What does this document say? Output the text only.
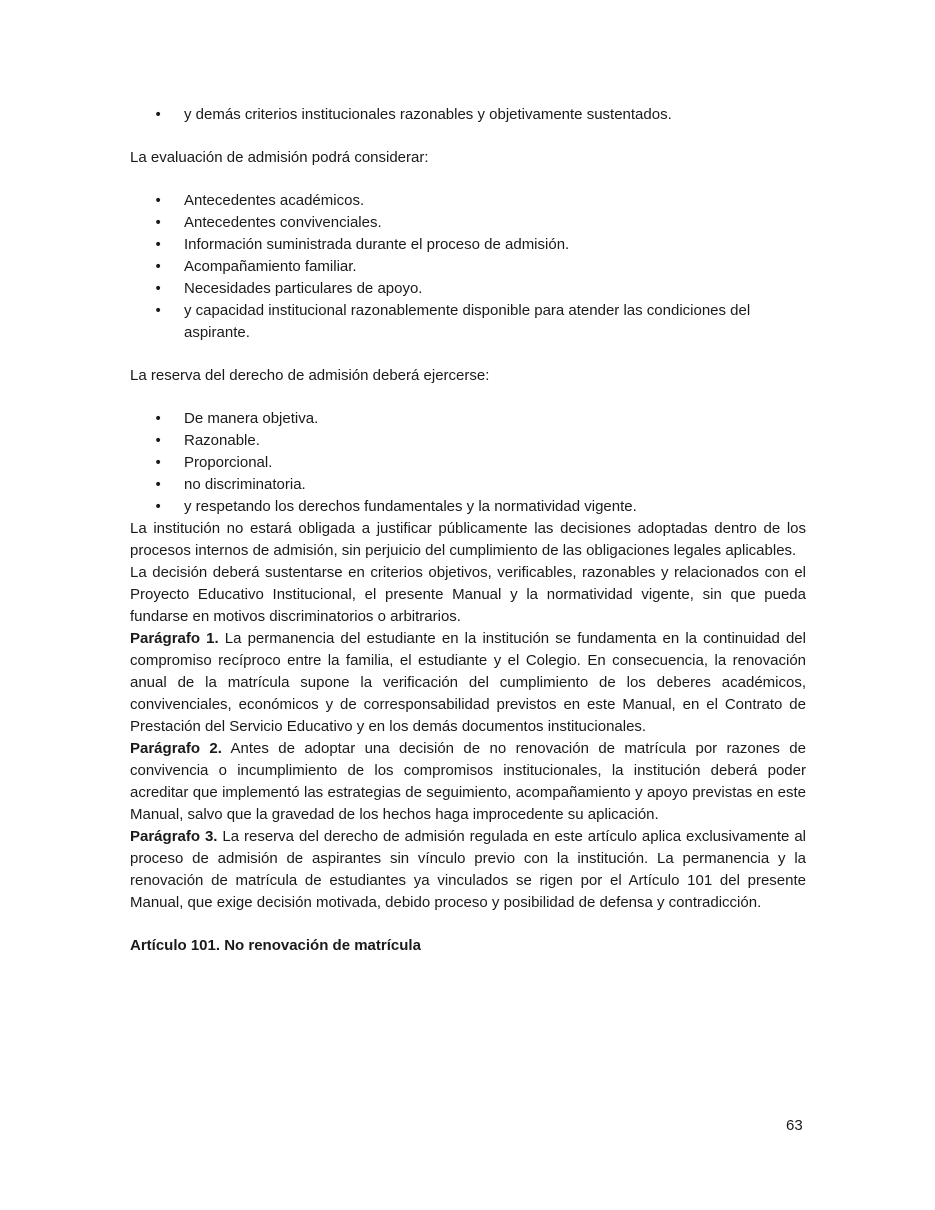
• y demás criterios institucionales razonables y objetivamente sustentados.

La evaluación de admisión podrá considerar:

• Antecedentes académicos.
• Antecedentes convivenciales.
• Información suministrada durante el proceso de admisión.
• Acompañamiento familiar.
• Necesidades particulares de apoyo.
• y capacidad institucional razonablemente disponible para atender las condiciones del aspirante.

La reserva del derecho de admisión deberá ejercerse:

• De manera objetiva.
• Razonable.
• Proporcional.
• no discriminatoria.
• y respetando los derechos fundamentales y la normatividad vigente.

La institución no estará obligada a justificar públicamente las decisiones adoptadas dentro de los procesos internos de admisión, sin perjuicio del cumplimiento de las obligaciones legales aplicables.

La decisión deberá sustentarse en criterios objetivos, verificables, razonables y relacionados con el Proyecto Educativo Institucional, el presente Manual y la normatividad vigente, sin que pueda fundarse en motivos discriminatorios o arbitrarios.

Parágrafo 1. La permanencia del estudiante en la institución se fundamenta en la continuidad del compromiso recíproco entre la familia, el estudiante y el Colegio. En consecuencia, la renovación anual de la matrícula supone la verificación del cumplimiento de los deberes académicos, convivenciales, económicos y de corresponsabilidad previstos en este Manual, en el Contrato de Prestación del Servicio Educativo y en los demás documentos institucionales.

Parágrafo 2. Antes de adoptar una decisión de no renovación de matrícula por razones de convivencia o incumplimiento de los compromisos institucionales, la institución deberá poder acreditar que implementó las estrategias de seguimiento, acompañamiento y apoyo previstas en este Manual, salvo que la gravedad de los hechos haga improcedente su aplicación.

Parágrafo 3. La reserva del derecho de admisión regulada en este artículo aplica exclusivamente al proceso de admisión de aspirantes sin vínculo previo con la institución. La permanencia y la renovación de matrícula de estudiantes ya vinculados se rigen por el Artículo 101 del presente Manual, que exige decisión motivada, debido proceso y posibilidad de defensa y contradicción.

Artículo 101. No renovación de matrícula

63
